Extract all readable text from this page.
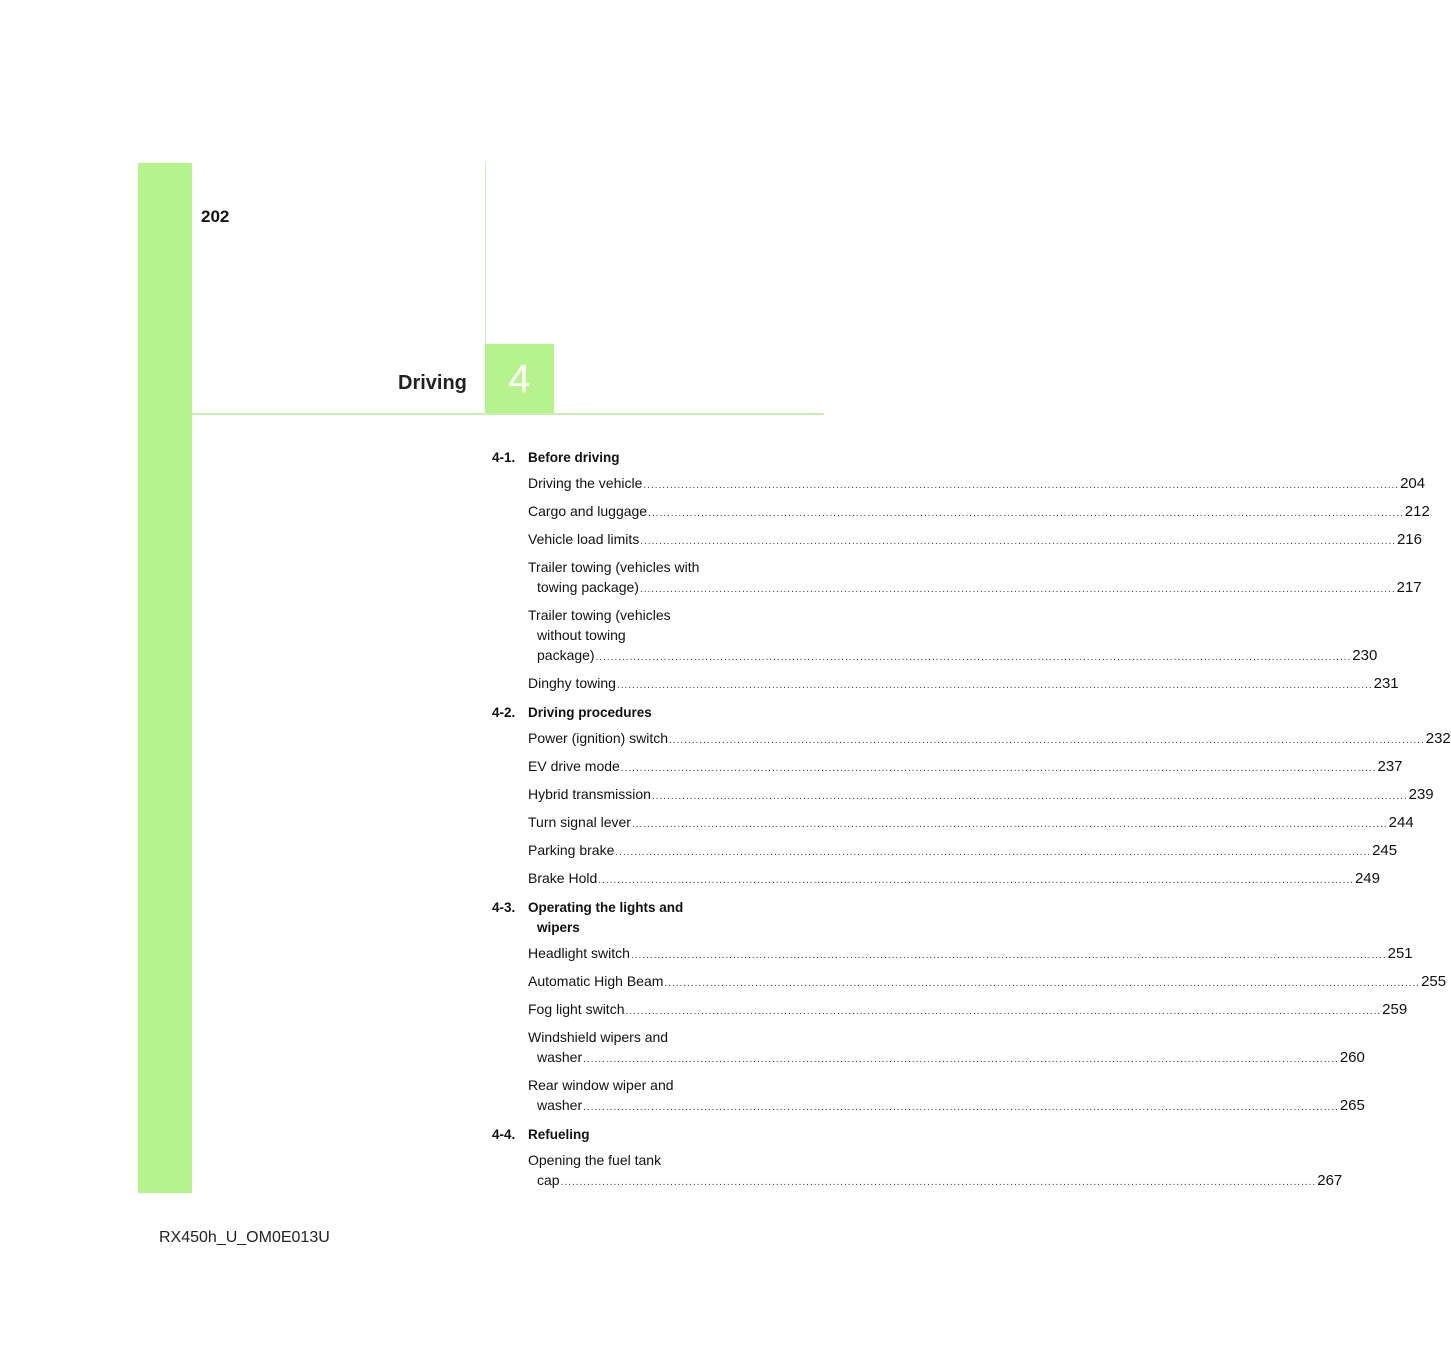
202
Driving 4
4-1. Before driving
Driving the vehicle ........................................................................................................................................................................................................ 204
Cargo and luggage ........................................................................................................................................................................................................ 212
Vehicle load limits ........................................................................................................................................................................................................ 216
Trailer towing (vehicles with
towing package) ........................................................................................................................................................................................................ 217
Trailer towing (vehicles
without towing
package) ........................................................................................................................................................................................................ 230
Dinghy towing ........................................................................................................................................................................................................ 231
4-2. Driving procedures
Power (ignition) switch ........................................................................................................................................................................................................ 232
EV drive mode ........................................................................................................................................................................................................ 237
Hybrid transmission ........................................................................................................................................................................................................ 239
Turn signal lever ........................................................................................................................................................................................................ 244
Parking brake ........................................................................................................................................................................................................ 245
Brake Hold ........................................................................................................................................................................................................ 249
4-3. Operating the lights and
wipers
Headlight switch ........................................................................................................................................................................................................ 251
Automatic High Beam ........................................................................................................................................................................................................ 255
Fog light switch ........................................................................................................................................................................................................ 259
Windshield wipers and
washer ........................................................................................................................................................................................................ 260
Rear window wiper and
washer ........................................................................................................................................................................................................ 265
4-4. Refueling
Opening the fuel tank
cap ........................................................................................................................................................................................................ 267
RX450h_U_OM0E013U
